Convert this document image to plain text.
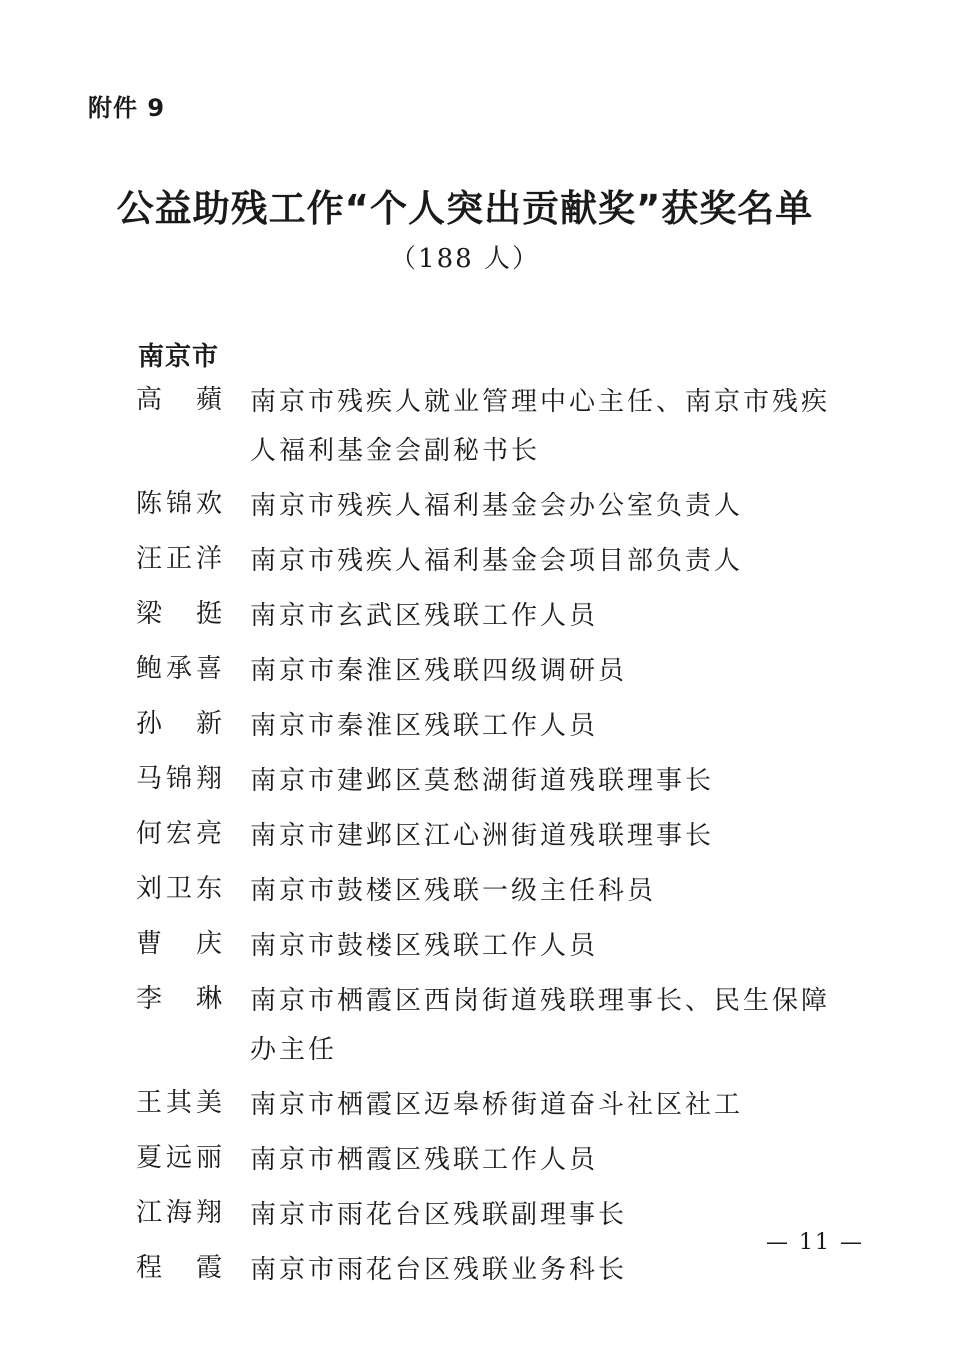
附件 9
公益助残工作“个人突出贡献奖”获奖名单
（188 人）
南京市
高　蘋 南京市残疾人就业管理中心主任、南京市残疾人福利基金会副秘书长
陈锦欢 南京市残疾人福利基金会办公室负责人
汪正洋 南京市残疾人福利基金会项目部负责人
梁　挺 南京市玄武区残联工作人员
鲍承喜 南京市秦淮区残联四级调研员
孙　新 南京市秦淮区残联工作人员
马锦翔 南京市建邺区莫愁湖街道残联理事长
何宏亮 南京市建邺区江心洲街道残联理事长
刘卫东 南京市鼓楼区残联一级主任科员
曹　庆 南京市鼓楼区残联工作人员
李　琳 南京市栖霞区西岗街道残联理事长、民生保障办主任
王其美 南京市栖霞区迈皋桥街道奋斗社区社工
夏远丽 南京市栖霞区残联工作人员
江海翔 南京市雨花台区残联副理事长
程　霞 南京市雨花台区残联业务科长
— 11 —
